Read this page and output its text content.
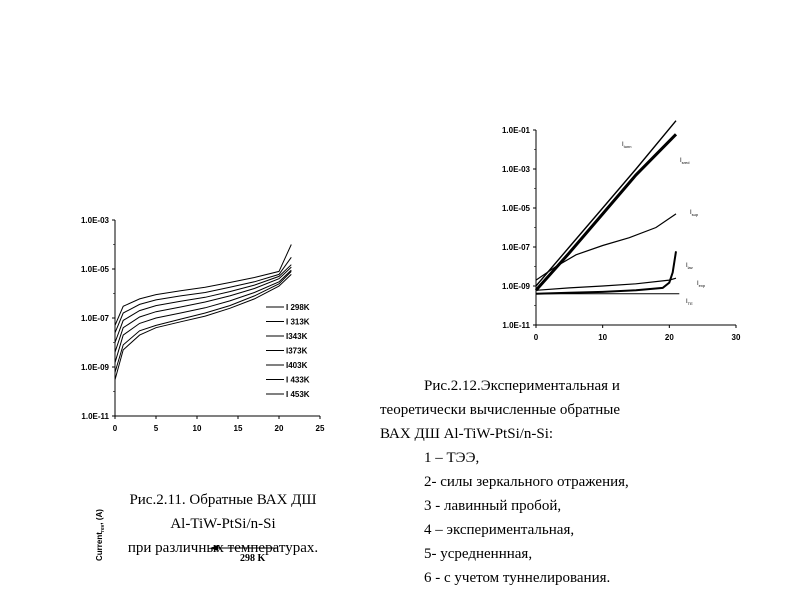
Current$_{rev}$, (A)
1.0E-11
1.0E-09
1.0E-07
1.0E-05
1.0E-03
0	5	10	15	20	25
I 298K
I 313K
I343K
I373K
I403K
I 433K
I 453K
298 K
1.0E-11
1.0E-09
1.0E-07
1.0E-05
1.0E-03
1.0E-01
0	10	20	30
$I_{tunn}$
$I_{sred}$
$I_{sup}$
$I_{lav}$
$I_{exp}$
$I_{TE}$
Рис.2.11. Обратные ВАХ ДШ
Al-TiW-PtSi/n-Si
при различных температурах.
Рис.2.12.Экспериментальная и
теоретически вычисленные обратные
ВАХ ДШ Al-TiW-PtSi/n-Si:
1 – ТЭЭ,
2- силы зеркального отражения,
3 - лавинный пробой,
4 – экспериментальная,
5- усредненнная,
6 - с учетом туннелирования.
